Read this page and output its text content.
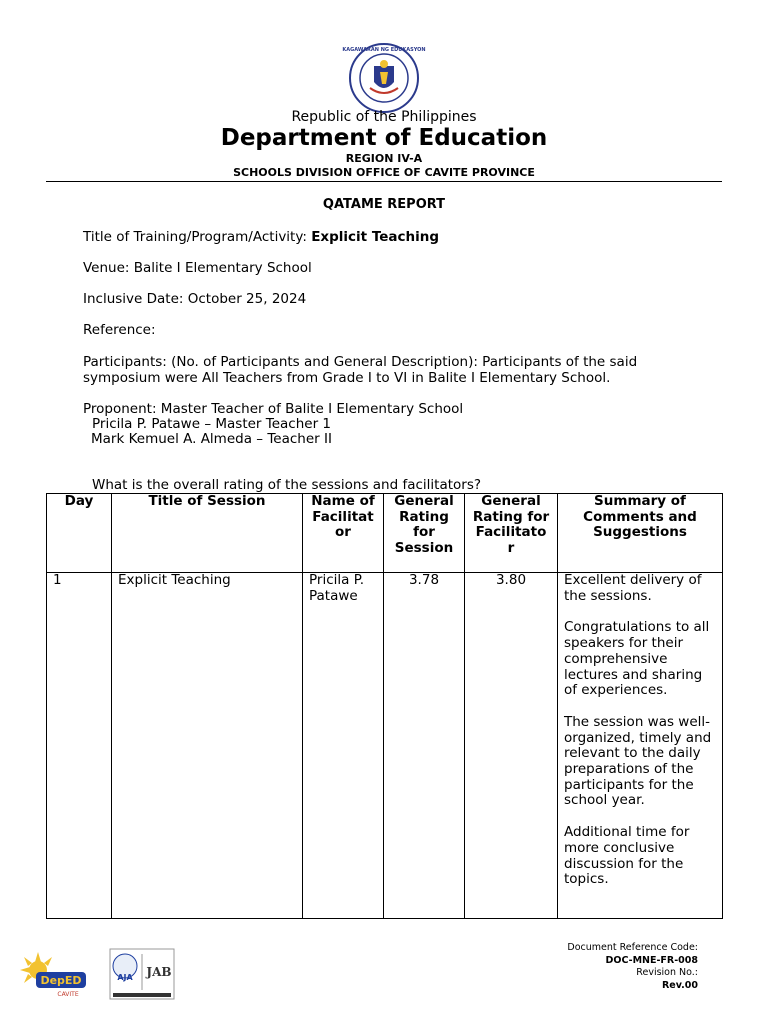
KAGAWARAN NG EDUKASYON
Republic of the Philippines
Department of Education
REGION IV-A
SCHOOLS DIVISION OFFICE OF CAVITE PROVINCE
QATAME REPORT
Title of Training/Program/Activity: Explicit Teaching
Venue: Balite I Elementary School
Inclusive Date: October 25, 2024
Reference:
Participants: (No. of Participants and General Description): Participants of the said symposium were All Teachers from Grade I to VI in Balite I Elementary School.
Proponent: Master Teacher of Balite I Elementary School
Pricila P. Patawe – Master Teacher 1
Mark Kemuel A. Almeda – Teacher II
What is the overall rating of the sessions and facilitators?
Day	Title of Session	Name of Facilitat or	General Rating for Session	General Rating for Facilitato r	Summary of Comments and Suggestions
1	Explicit Teaching	Pricila P. Patawe	3.78	3.80	Excellent delivery of the sessions.

Congratulations to all speakers for their comprehensive lectures and sharing of experiences.

The session was well-organized, timely and relevant to the daily preparations of the participants for the school year.

Additional time for more conclusive discussion for the topics.

DepED
CAVITE
AJA JAB
Document Reference Code:
DOC-MNE-FR-008
Revision No.:
Rev.00
